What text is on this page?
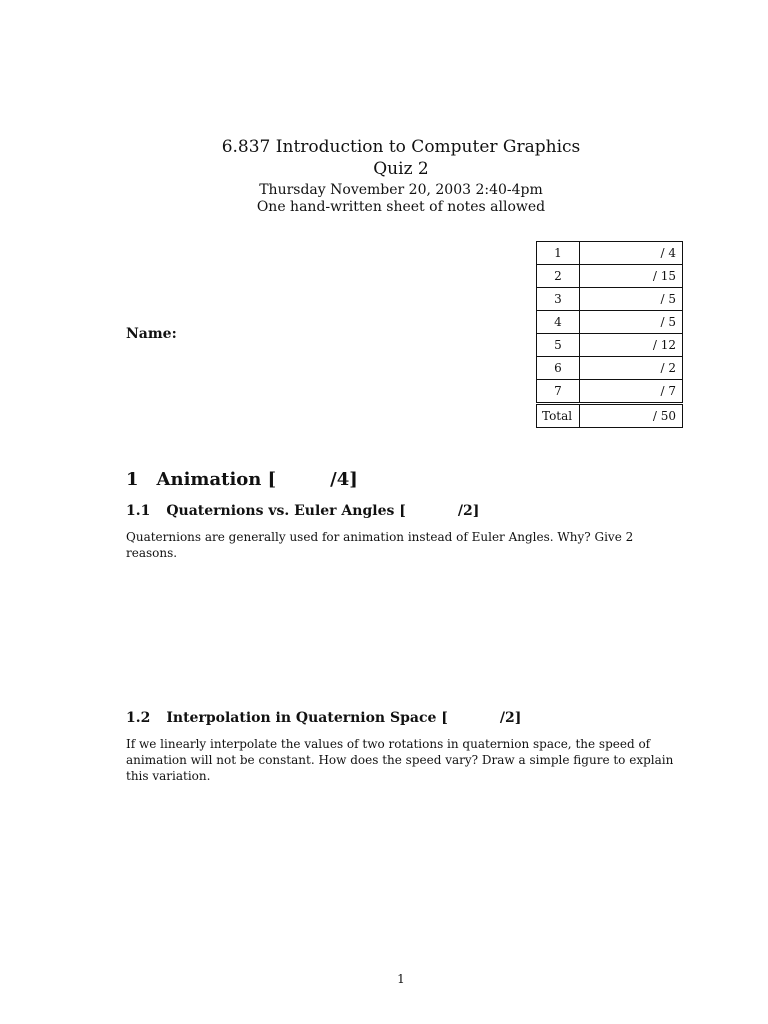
6.837 Introduction to Computer Graphics
Quiz 2
Thursday November 20, 2003 2:40-4pm
One hand-written sheet of notes allowed
Name:
1	/ 4
2	/ 15
3	/ 5
4	/ 5
5	/ 12
6	/ 2
7	/ 7

Total	/ 50
1 Animation [	/4]
1.1 Quaternions vs. Euler Angles [	/2]
Quaternions are generally used for animation instead of Euler Angles. Why? Give 2 reasons.
1.2 Interpolation in Quaternion Space [	/2]
If we linearly interpolate the values of two rotations in quaternion space, the speed of animation will not be constant. How does the speed vary? Draw a simple figure to explain this variation.
1
